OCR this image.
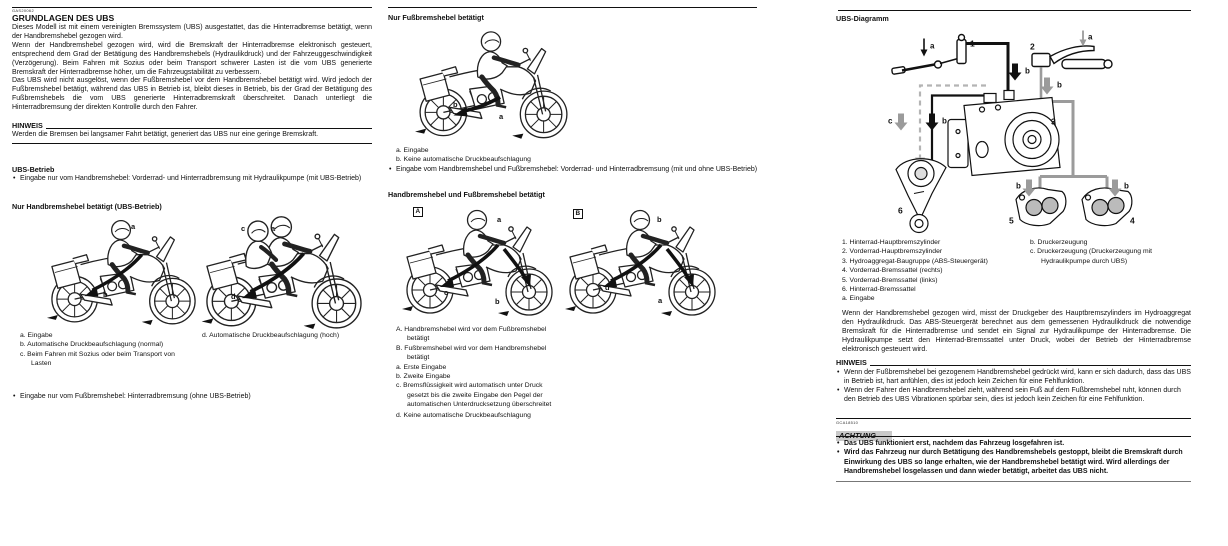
GAS20062
GRUNDLAGEN DES UBS
Dieses Modell ist mit einem vereinigten Bremssystem (UBS) ausgestattet, das die Hinterradbremse betätigt, wenn der Handbremshebel gezogen wird.
Wenn der Handbremshebel gezogen wird, wird die Bremskraft der Hinterradbremse elektronisch gesteuert, entsprechend dem Grad der Betätigung des Handbremshebels (Hydraulikdruck) und der Fahrzeuggeschwindigkeit (Verzögerung). Beim Fahren mit Sozius oder beim Transport schwerer Lasten ist die vom UBS generierte Bremskraft der Hinterradbremse höher, um die Fahrzeugstabilität zu verbessern.
Das UBS wird nicht ausgelöst, wenn der Fußbremshebel vor dem Handbremshebel betätigt wird. Wird jedoch der Fußbremshebel betätigt, während das UBS in Betrieb ist, bleibt dieses in Betrieb, bis der Grad der Betätigung des Fußbremshebels die vom UBS generierte Hinterradbremskraft überschreitet. Danach unterliegt die Hinterradbremsung der direkten Kontrolle durch den Fahrer.
HINWEIS
Werden die Bremsen bei langsamer Fahrt betätigt, generiert das UBS nur eine geringe Bremskraft.
UBS-Betrieb
• Eingabe nur vom Handbremshebel: Vorderrad- und Hinterradbremsung mit Hydraulikpumpe (mit UBS-Betrieb)
Nur Handbremshebel betätigt (UBS-Betrieb)
a
b
c	a
d
a. Eingabe
b. Automatische Druckbeaufschlagung (normal)
c. Beim Fahren mit Sozius oder beim Transport von Lasten
d. Automatische Druckbeaufschlagung (hoch)
• Eingabe nur vom Fußbremshebel: Hinterradbremsung (ohne UBS-Betrieb)
Nur Fußbremshebel betätigt
b
a
a. Eingabe
b. Keine automatische Druckbeaufschlagung
• Eingabe vom Handbremshebel und Fußbremshebel: Vorderrad- und Hinterradbremsung (mit und ohne UBS-Betrieb)
Handbremshebel und Fußbremshebel betätigt
A
a
c
b
B
b
d
a
A. Handbremshebel wird vor dem Fußbremshebel betätigt
B. Fußbremshebel wird vor dem Handbremshebel betätigt
a. Erste Eingabe
b. Zweite Eingabe
c. Bremsflüssigkeit wird automatisch unter Druck gesetzt bis die zweite Eingabe den Pegel der automatischen Unterdrucksetzung überschreitet
d. Keine automatische Druckbeaufschlagung
UBS-Diagramm
1	2
3
4
5
6
a
a
b
b
b
c
b	b
1. Hinterrad-Hauptbremszylinder
2. Vorderrad-Hauptbremszylinder
3. Hydroaggregat-Baugruppe (ABS-Steuergerät)
4. Vorderrad-Bremssattel (rechts)
5. Vorderrad-Bremssattel (links)
6. Hinterrad-Bremssattel
a. Eingabe
b. Druckerzeugung
c. Druckerzeugung (Druckerzeugung mit Hydraulikpumpe durch UBS)
Wenn der Handbremshebel gezogen wird, misst der Druckgeber des Hauptbremszylinders im Hydroaggregat den Hydraulikdruck. Das ABS-Steuergerät berechnet aus dem gemessenen Hydraulikdruck die notwendige Bremskraft für die Hinterradbremse und sendet ein Signal zur Hydraulikpumpe der Hinterradbremse. Die Hydraulikpumpe setzt den Hinterrad-Bremssattel unter Druck, wobei der Betrieb der Hinterradbremse elektronisch gesteuert wird.
HINWEIS
• Wenn der Fußbremshebel bei gezogenem Handbremshebel gedrückt wird, kann er sich dadurch, dass das UBS in Betrieb ist, hart anfühlen, dies ist jedoch kein Zeichen für eine Fehlfunktion.
• Wenn der Fahrer den Handbremshebel zieht, während sein Fuß auf dem Fußbremshebel ruht, können durch den Betrieb des UBS Vibrationen spürbar sein, dies ist jedoch kein Zeichen für eine Fehlfunktion.
GCA18510
ACHTUNG
• Das UBS funktioniert erst, nachdem das Fahrzeug losgefahren ist.
• Wird das Fahrzeug nur durch Betätigung des Handbremshebels gestoppt, bleibt die Bremskraft durch Einwirkung des UBS so lange erhalten, wie der Handbremshebel betätigt wird. Wird allerdings der Handbremshebel losgelassen und dann wieder betätigt, arbeitet das UBS nicht.
